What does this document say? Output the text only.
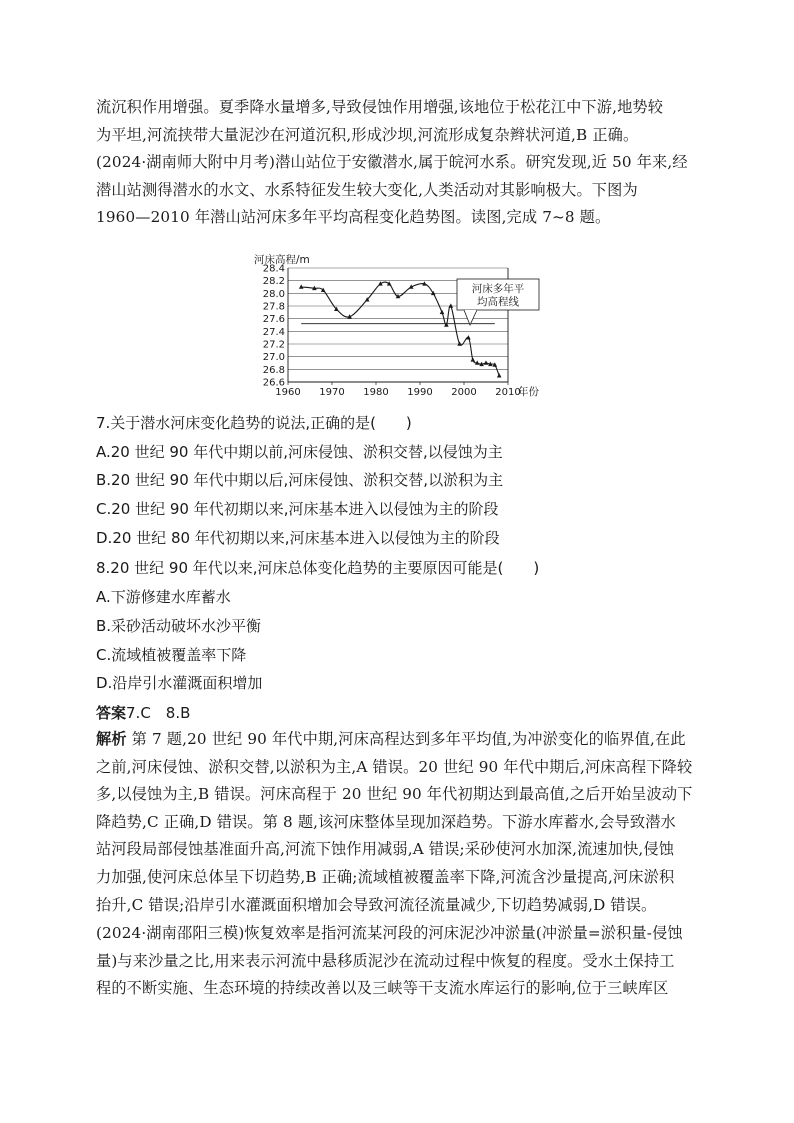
流沉积作用增强。夏季降水量增多,导致侵蚀作用增强,该地位于松花江中下游,地势较
为平坦,河流挟带大量泥沙在河道沉积,形成沙坝,河流形成复杂辫状河道,B 正确。
(2024·湖南师大附中月考)潜山站位于安徽潜水,属于皖河水系。研究发现,近 50 年来,经
潜山站测得潜水的水文、水系特征发生较大变化,人类活动对其影响极大。下图为
1960—2010 年潜山站河床多年平均高程变化趋势图。读图,完成 7~8 题。
26.6
26.8
27.0
27.2
27.4
27.6
27.8
28.0
28.2
28.4
1960 1970 1980 1990 2000 2010
河床高程/m
年份
河床多年平
均高程线
7.关于潜水河床变化趋势的说法,正确的是(　　)
A.20 世纪 90 年代中期以前,河床侵蚀、淤积交替,以侵蚀为主
B.20 世纪 90 年代中期以后,河床侵蚀、淤积交替,以淤积为主
C.20 世纪 90 年代初期以来,河床基本进入以侵蚀为主的阶段
D.20 世纪 80 年代初期以来,河床基本进入以侵蚀为主的阶段
8.20 世纪 90 年代以来,河床总体变化趋势的主要原因可能是(　　)
A.下游修建水库蓄水
B.采砂活动破坏水沙平衡
C.流域植被覆盖率下降
D.沿岸引水灌溉面积增加
答案7.C　8.B
解析 第 7 题,20 世纪 90 年代中期,河床高程达到多年平均值,为冲淤变化的临界值,在此
之前,河床侵蚀、淤积交替,以淤积为主,A 错误。20 世纪 90 年代中期后,河床高程下降较
多,以侵蚀为主,B 错误。河床高程于 20 世纪 90 年代初期达到最高值,之后开始呈波动下
降趋势,C 正确,D 错误。第 8 题,该河床整体呈现加深趋势。下游水库蓄水,会导致潜水
站河段局部侵蚀基准面升高,河流下蚀作用减弱,A 错误;采砂使河水加深,流速加快,侵蚀
力加强,使河床总体呈下切趋势,B 正确;流域植被覆盖率下降,河流含沙量提高,河床淤积
抬升,C 错误;沿岸引水灌溉面积增加会导致河流径流量减少,下切趋势减弱,D 错误。
(2024·湖南邵阳三模)恢复效率是指河流某河段的河床泥沙冲淤量(冲淤量=淤积量-侵蚀
量)与来沙量之比,用来表示河流中悬移质泥沙在流动过程中恢复的程度。受水土保持工
程的不断实施、生态环境的持续改善以及三峡等干支流水库运行的影响,位于三峡库区
